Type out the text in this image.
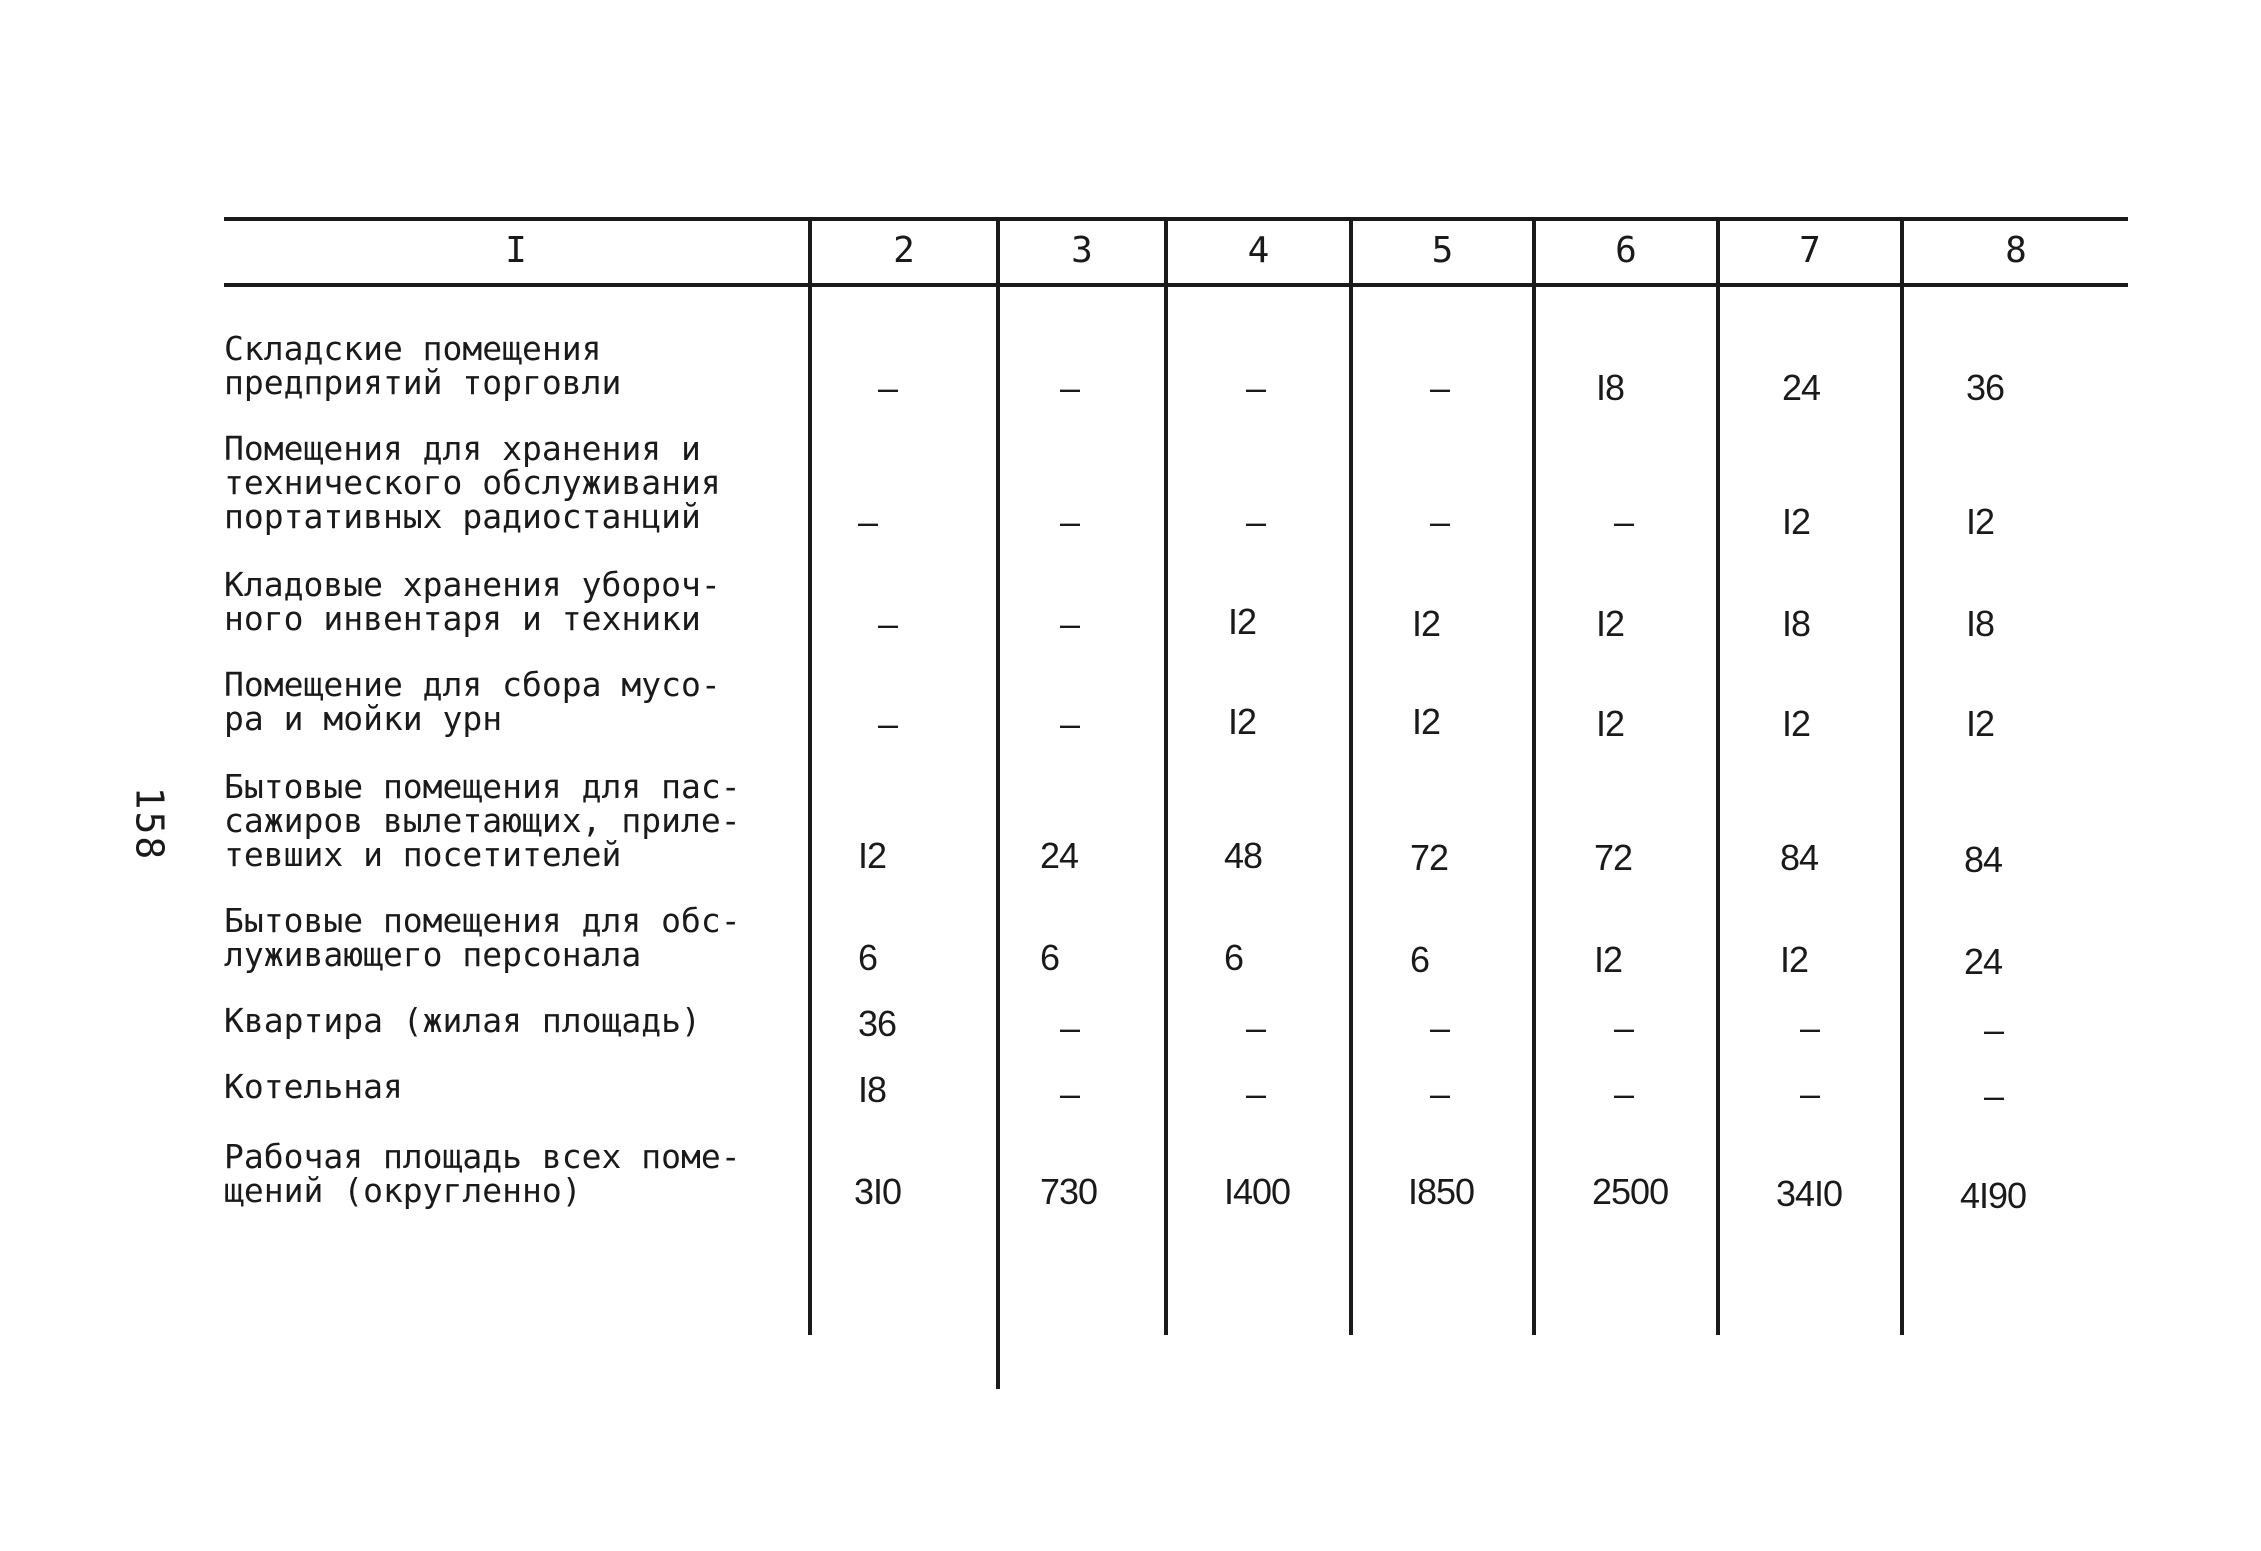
158
I	2	3	4	5	6	7	8
Складские помещения
предприятий торговли	–	–	–	–	I8	24	36
Помещения для хранения и
технического обслуживания
портативных радиостанций	–	–	–	–	–	I2	I2
Кладовые хранения убороч-
ного инвентаря и техники	–	–	I2	I2	I2	I8	I8
Помещение для сбора мусо-
ра и мойки урн	–	–	I2	I2	I2	I2	I2
Бытовые помещения для пас-
сажиров вылетающих, приле-
тевших и посетителей	I2	24	48	72	72	84	84
Бытовые помещения для обс-
луживающего персонала	6	6	6	6	I2	I2	24
Квартира (жилая площадь)	36	–	–	–	–	–	–
Котельная	I8	–	–	–	–	–	–
Рабочая площадь всех поме-
щений (округленно)	3I0	730	I400	I850	2500	34I0	4I90
